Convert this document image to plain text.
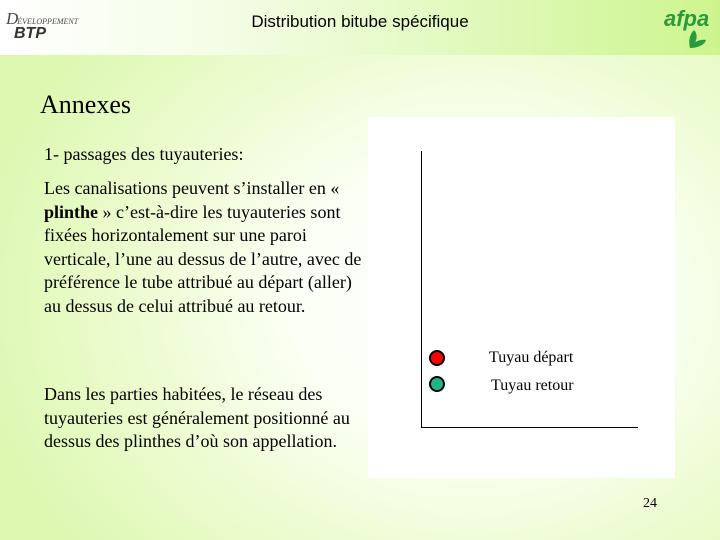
DÉVELOPPEMENT
BTP
Distribution bitube spécifique	afpa
Annexes
1- passages des tuyauteries:

Les canalisations peuvent s’installer en « plinthe » c’est-à-dire les tuyauteries sont fixées horizontalement sur une paroi verticale, l’une au dessus de l’autre, avec de préférence le tube attribué au départ (aller) au dessus de celui attribué au retour.

Dans les parties habitées, le réseau des tuyauteries est généralement positionné au dessus des plinthes d’où son appellation.

Tuyau départ
Tuyau retour
24
